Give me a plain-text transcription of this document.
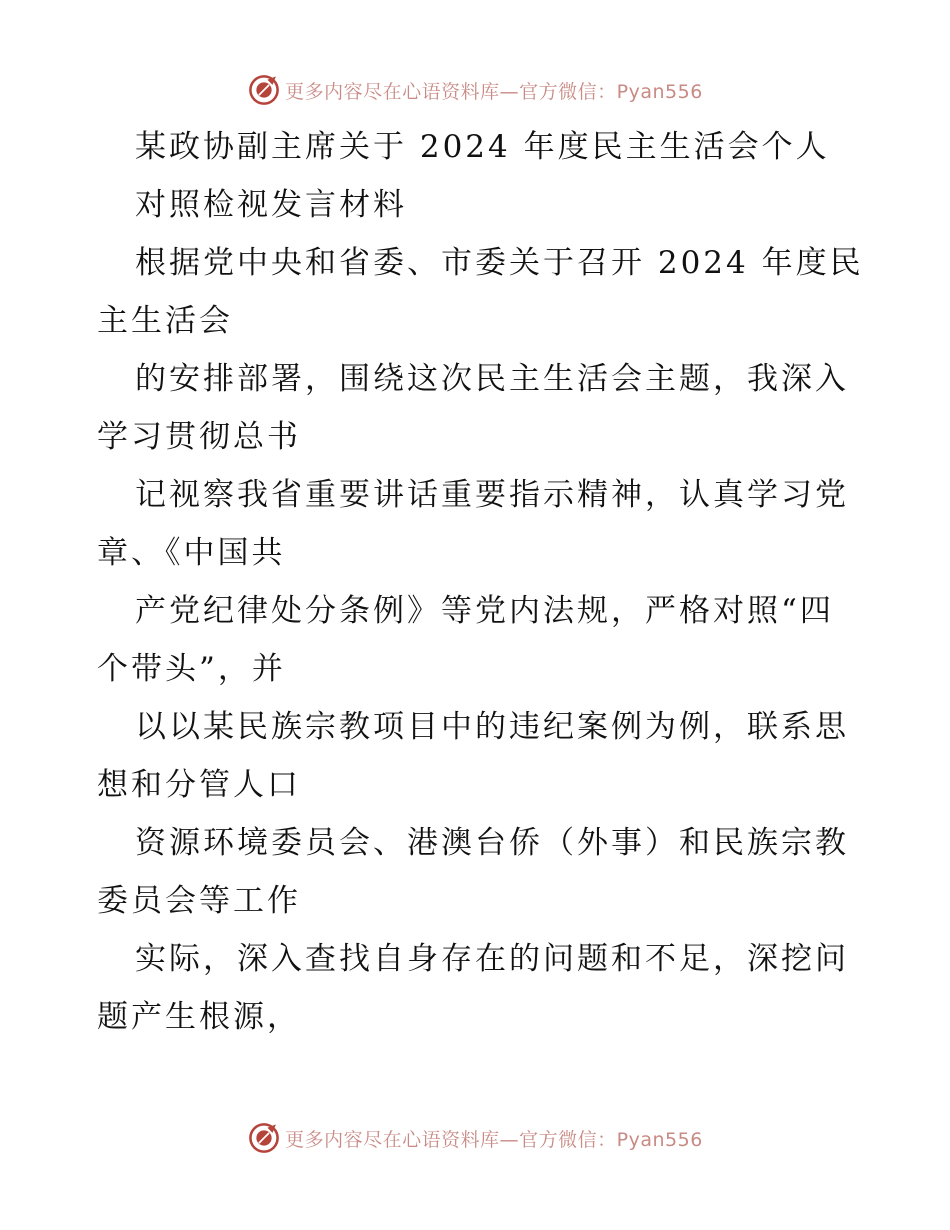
更多内容尽在心语资料库—官方微信：Pyan556
某政协副主席关于 2024 年度民主生活会个人
对照检视发言材料
根据党中央和省委、市委关于召开 2024 年度民
主生活会
的安排部署，围绕这次民主生活会主题，我深入
学习贯彻总书
记视察我省重要讲话重要指示精神，认真学习党
章、《中国共
产党纪律处分条例》等党内法规，严格对照“四
个带头”，并
以以某民族宗教项目中的违纪案例为例，联系思
想和分管人口
资源环境委员会、港澳台侨（外事）和民族宗教
委员会等工作
实际，深入查找自身存在的问题和不足，深挖问
题产生根源，
更多内容尽在心语资料库—官方微信：Pyan556
